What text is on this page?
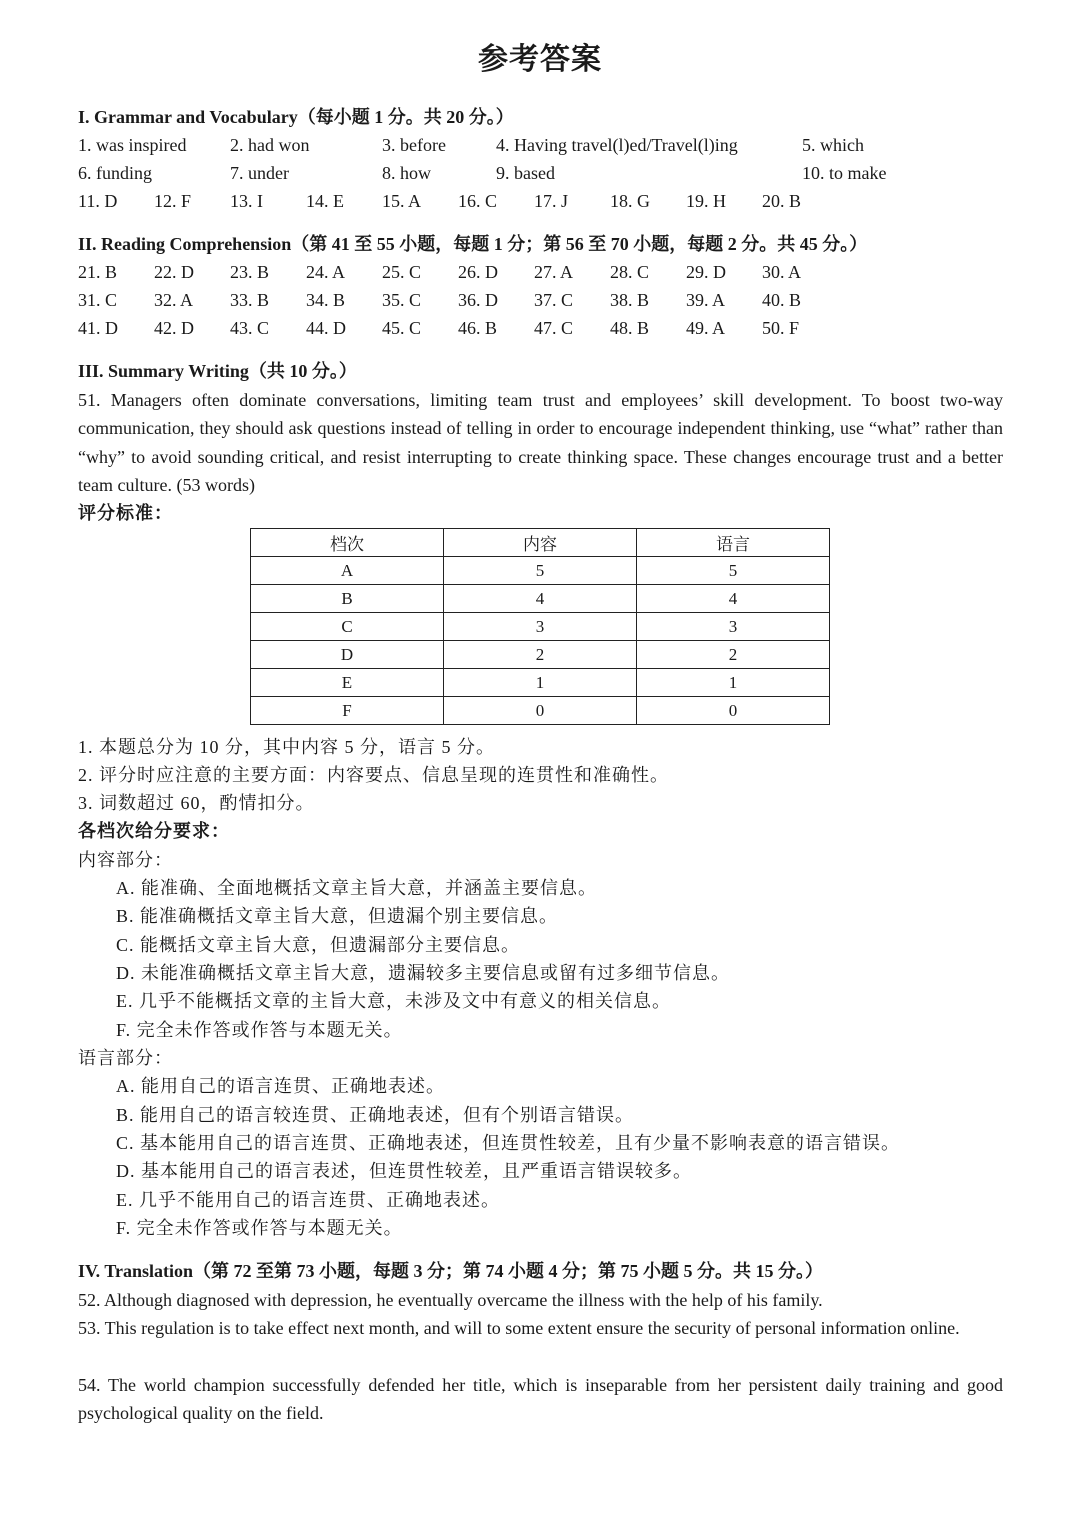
参考答案
I. Grammar and Vocabulary（每小题 1 分。共 20 分。）
1. was inspired 2. had won	3. before	4. Having travel(l)ed/Travel(l)ing	5. which
6. funding	7. under	8. how	9. based	10. to make
11. D 12. F 13. I 14. E 15. A 16. C 17. J 18. G 19. H 20. B
II. Reading Comprehension（第 41 至 55 小题，每题 1 分；第 56 至 70 小题，每题 2 分。共 45 分。）
21. B 22. D 23. B 24. A 25. C 26. D 27. A 28. C 29. D 30. A
31. C 32. A 33. B 34. B 35. C 36. D 37. C 38. B 39. A 40. B
41. D 42. D 43. C 44. D 45. C 46. B 47. C 48. B 49. A 50. F
III. Summary Writing（共 10 分。）
51. Managers often dominate conversations, limiting team trust and employees’ skill development. To boost two-way communication, they should ask questions instead of telling in order to encourage independent thinking, use “what” rather than “why” to avoid sounding critical, and resist interrupting to create thinking space. These changes encourage trust and a better team culture. (53 words)
评分标准：
档次	内容	语言
A	5	5
B	4	4
C	3	3
D	2	2
E	1	1
F	0	0
1. 本题总分为 10 分，其中内容 5 分，语言 5 分。
2. 评分时应注意的主要方面：内容要点、信息呈现的连贯性和准确性。
3. 词数超过 60，酌情扣分。
各档次给分要求：
内容部分：
A. 能准确、全面地概括文章主旨大意，并涵盖主要信息。
B. 能准确概括文章主旨大意，但遗漏个别主要信息。
C. 能概括文章主旨大意，但遗漏部分主要信息。
D. 未能准确概括文章主旨大意，遗漏较多主要信息或留有过多细节信息。
E. 几乎不能概括文章的主旨大意，未涉及文中有意义的相关信息。
F. 完全未作答或作答与本题无关。
语言部分：
A. 能用自己的语言连贯、正确地表述。
B. 能用自己的语言较连贯、正确地表述，但有个别语言错误。
C. 基本能用自己的语言连贯、正确地表述，但连贯性较差，且有少量不影响表意的语言错误。
D. 基本能用自己的语言表述，但连贯性较差，且严重语言错误较多。
E. 几乎不能用自己的语言连贯、正确地表述。
F. 完全未作答或作答与本题无关。
IV. Translation（第 72 至第 73 小题，每题 3 分；第 74 小题 4 分；第 75 小题 5 分。共 15 分。）
52. Although diagnosed with depression, he eventually overcame the illness with the help of his family.
53. This regulation is to take effect next month, and will to some extent ensure the security of personal information online.
54. The world champion successfully defended her title, which is inseparable from her persistent daily training and good psychological quality on the field.
